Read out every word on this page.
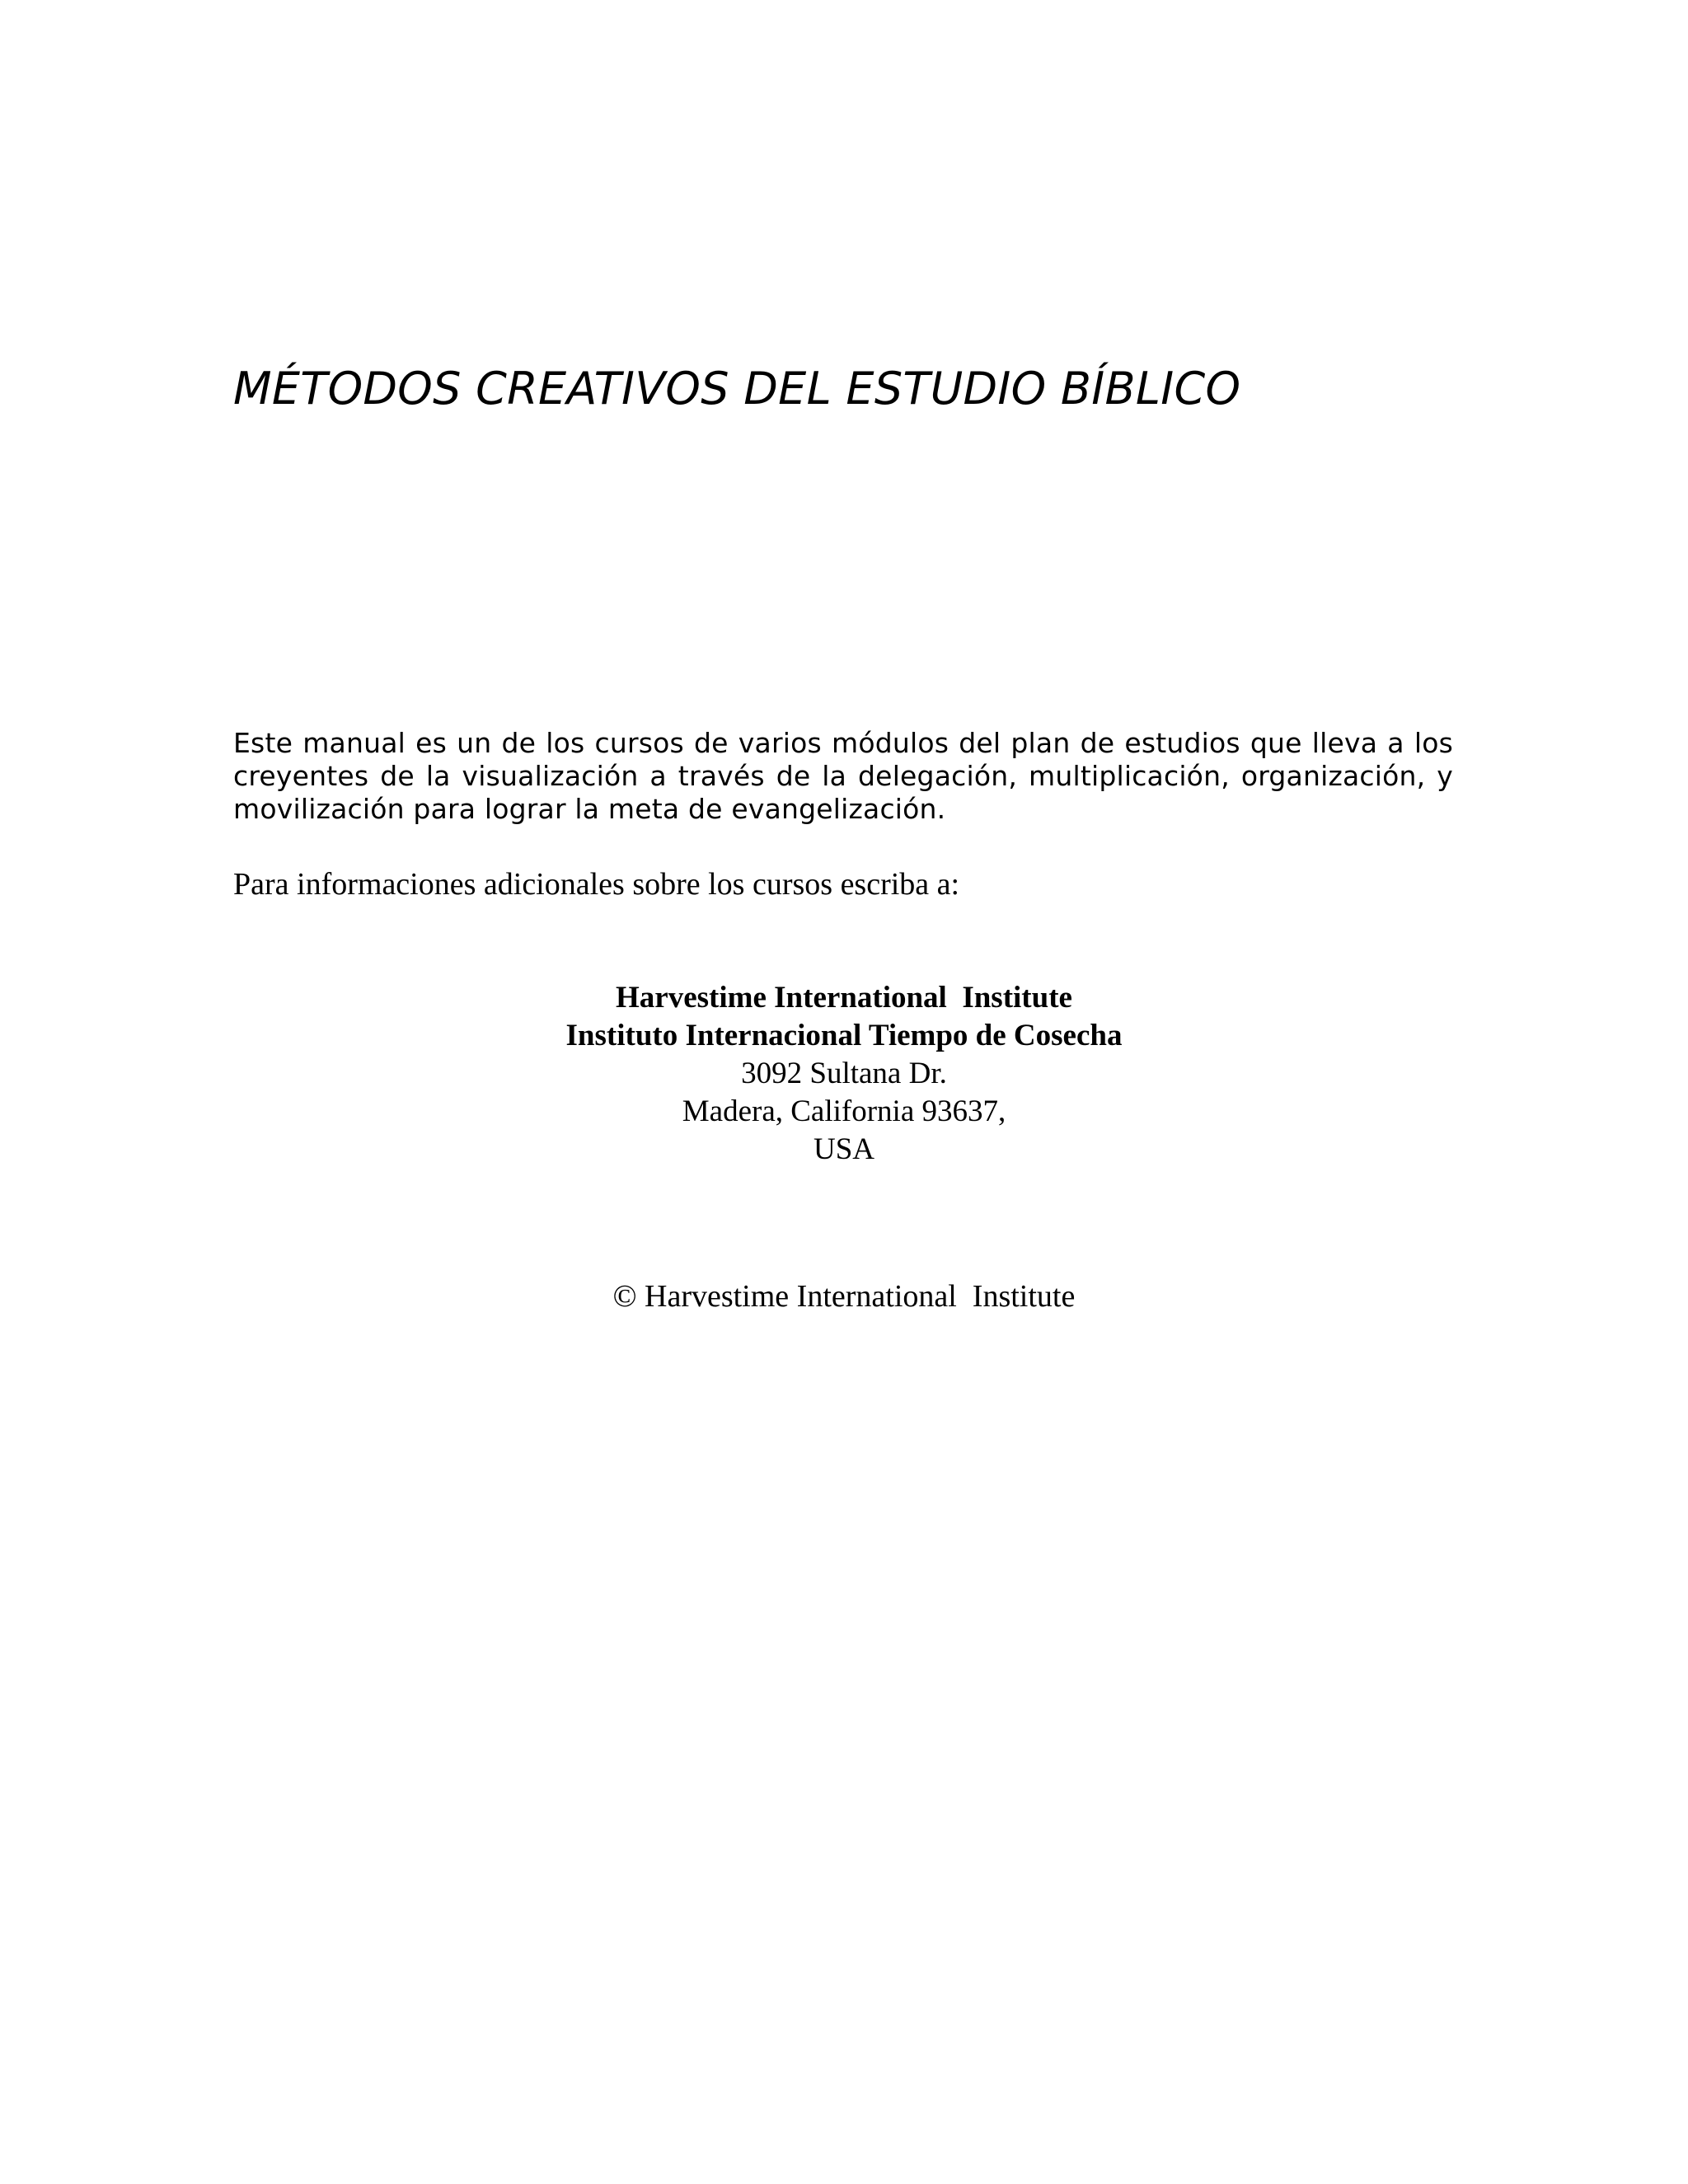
MÉTODOS CREATIVOS DEL ESTUDIO BÍBLICO

Este manual es un de los cursos de varios módulos del plan de estudios que lleva a los creyentes de la visualización a través de la delegación, multiplicación, organización, y movilización para lograr la meta de evangelización.

Para informaciones adicionales sobre los cursos escriba a:

Harvestime International  Institute
Instituto Internacional Tiempo de Cosecha
3092 Sultana Dr.
Madera, California 93637,
USA

© Harvestime International  Institute
